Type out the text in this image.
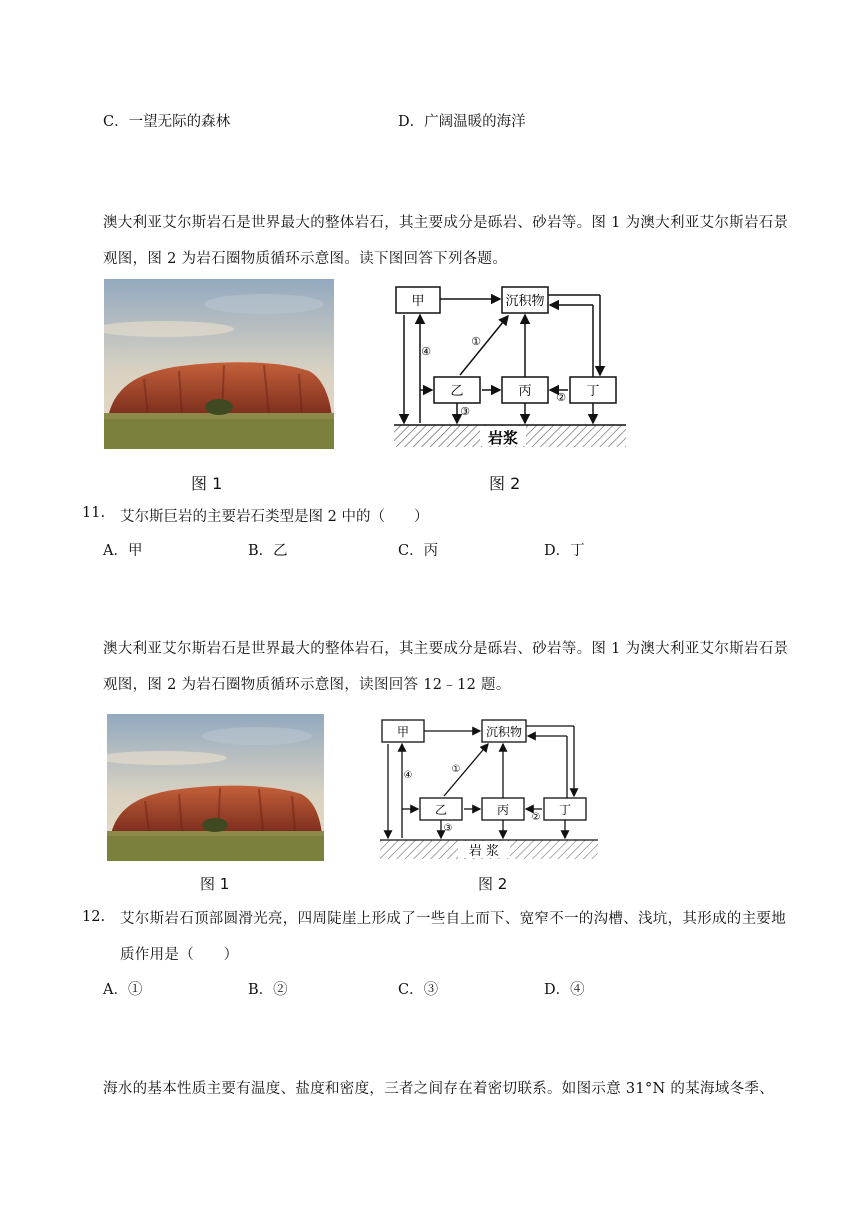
C．一望无际的森林	D．广阔温暖的海洋
澳大利亚艾尔斯岩石是世界最大的整体岩石，其主要成分是砾岩、砂岩等。图 1 为澳大利亚艾尔斯岩石景观图，图 2 为岩石圈物质循环示意图。读下图回答下列各题。
甲	沉积物
乙	丙	丁
岩浆
①
②
③
④
图 1	图 2
11. 艾尔斯巨岩的主要岩石类型是图 2 中的（　　）
A．甲	B．乙	C．丙	D．丁
澳大利亚艾尔斯岩石是世界最大的整体岩石，其主要成分是砾岩、砂岩等。图 1 为澳大利亚艾尔斯岩石景观图，图 2 为岩石圈物质循环示意图，读图回答 12﹣12 题。
甲	沉积物
乙	丙	丁
岩 浆
①
②
③
④
图 1	图 2
12. 艾尔斯岩石顶部圆滑光亮，四周陡崖上形成了一些自上而下、宽窄不一的沟槽、浅坑，其形成的主要地质作用是（　　）
A．①	B．②	C．③	D．④
海水的基本性质主要有温度、盐度和密度，三者之间存在着密切联系。如图示意 31°N 的某海域冬季、
